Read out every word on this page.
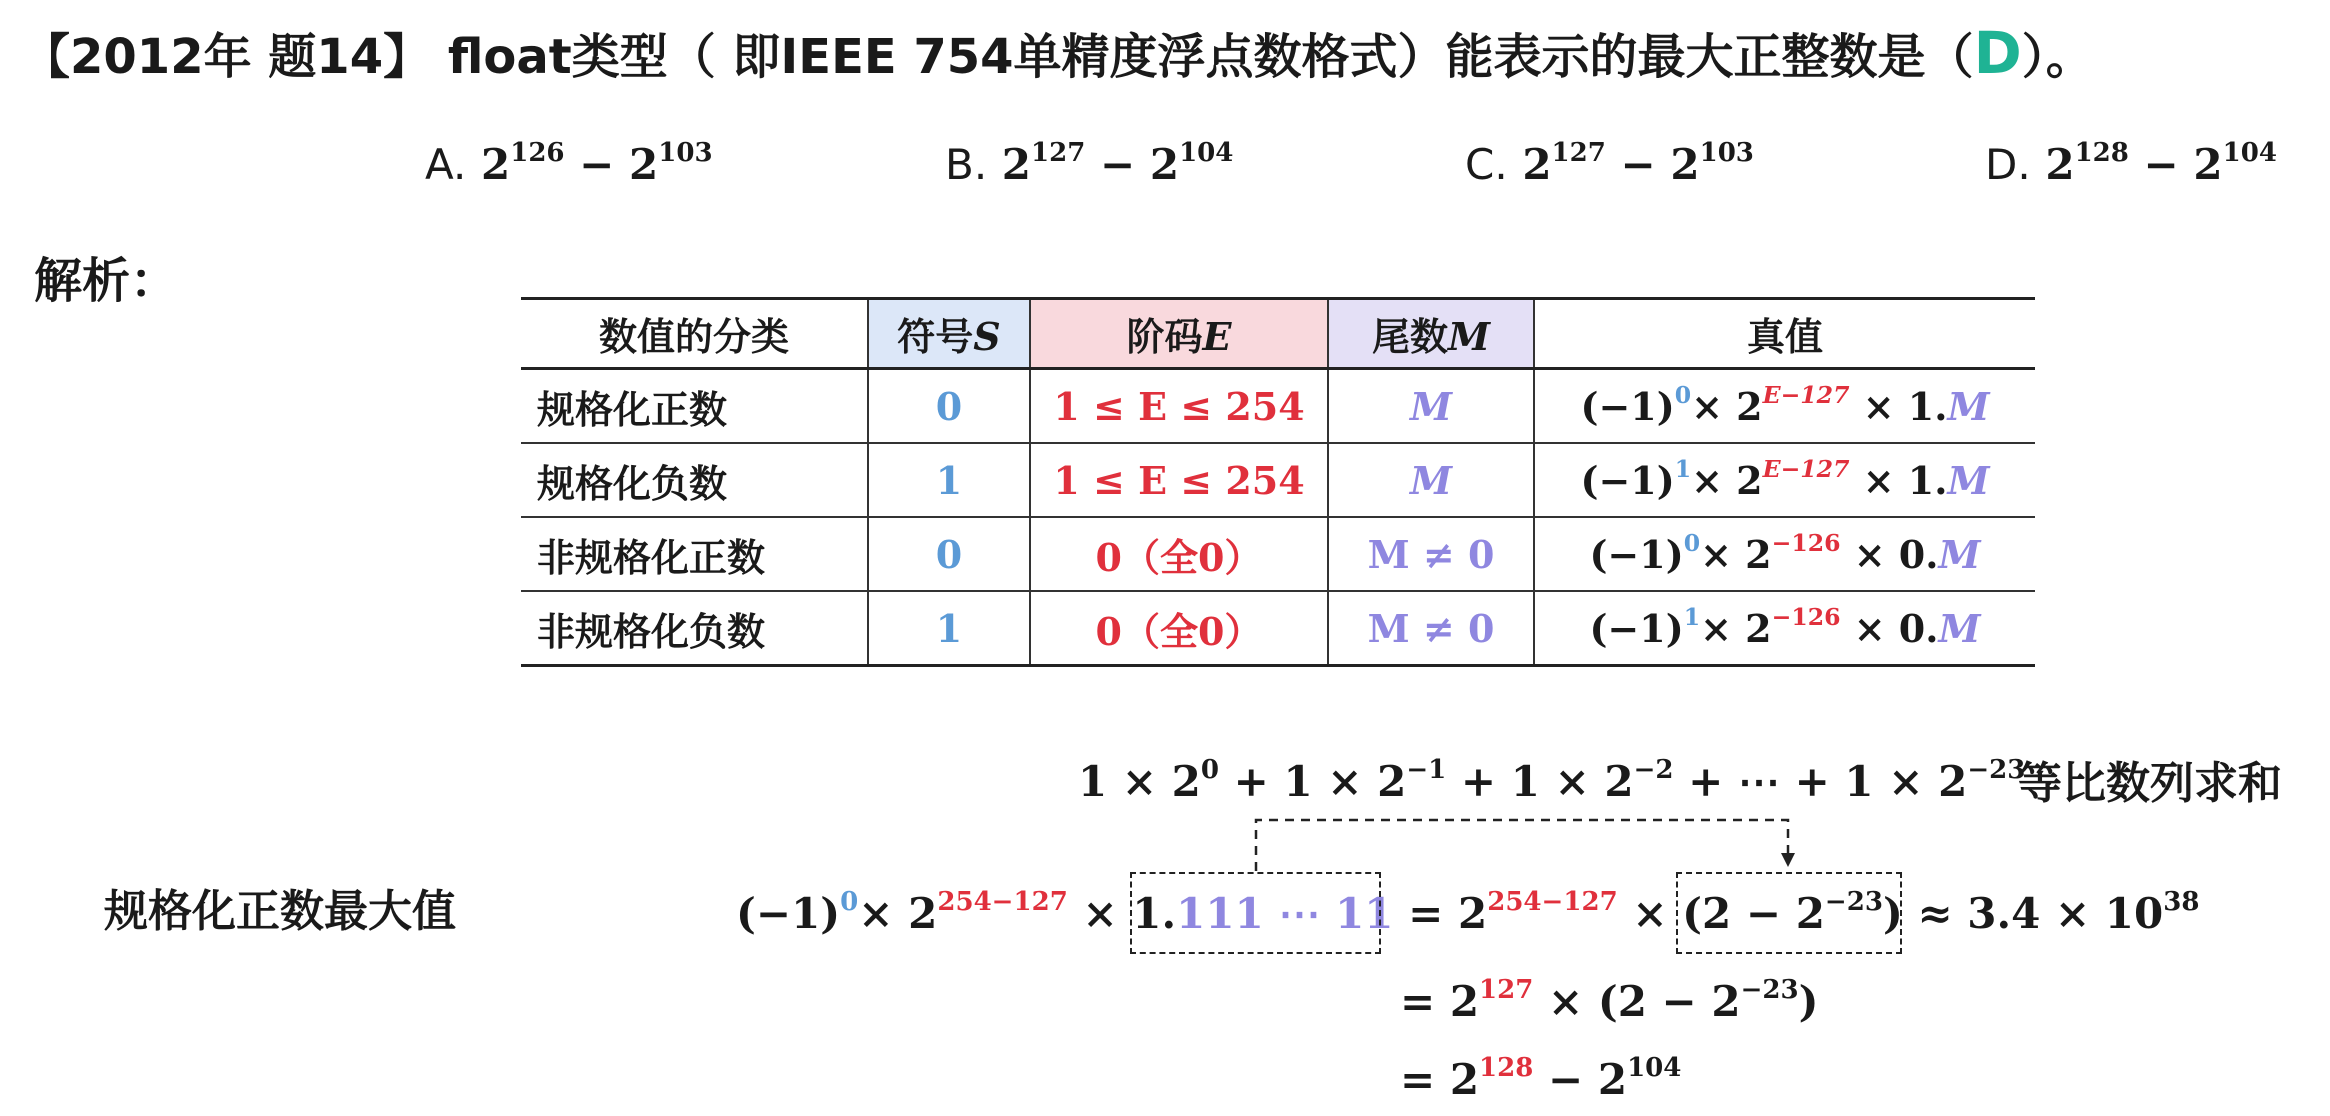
【2012年 题14】 float类型（ 即IEEE 754单精度浮点数格式）能表示的最大正整数是（D）。
A. $2^{126} - 2^{103}$	B. $2^{127} - 2^{104}$	C. $2^{127} - 2^{103}$	D. $2^{128} - 2^{104}$
解析：
数值的分类	符号S	阶码E	尾数M	真值
规格化正数	0	1 ≤ E ≤ 254	M	$(-1)^0\times 2^{E-127} \times 1.M$
规格化负数	1	1 ≤ E ≤ 254	M	$(-1)^1\times 2^{E-127} \times 1.M$
非规格化正数	0	0（全0）	M ≠ 0	$(-1)^0\times 2^{-126} \times 0.M$
非规格化负数	1	0（全0）	M ≠ 0	$(-1)^1\times 2^{-126} \times 0.M$
$1 \times 2^0 + 1 \times 2^{-1} + 1 \times 2^{-2}$ + ⋯ + $1 \times 2^{-23}$
等比数列求和
规格化正数最大值	$(-1)^0\times 2^{254-127} \times 1.111$ ⋯ $11 = 2^{254-127} \times (2 - 2^{-23}) \approx 3.4 \times 10^{38}$
= $2^{127} \times (2 - 2^{-23})$
= $2^{128} - 2^{104}$
